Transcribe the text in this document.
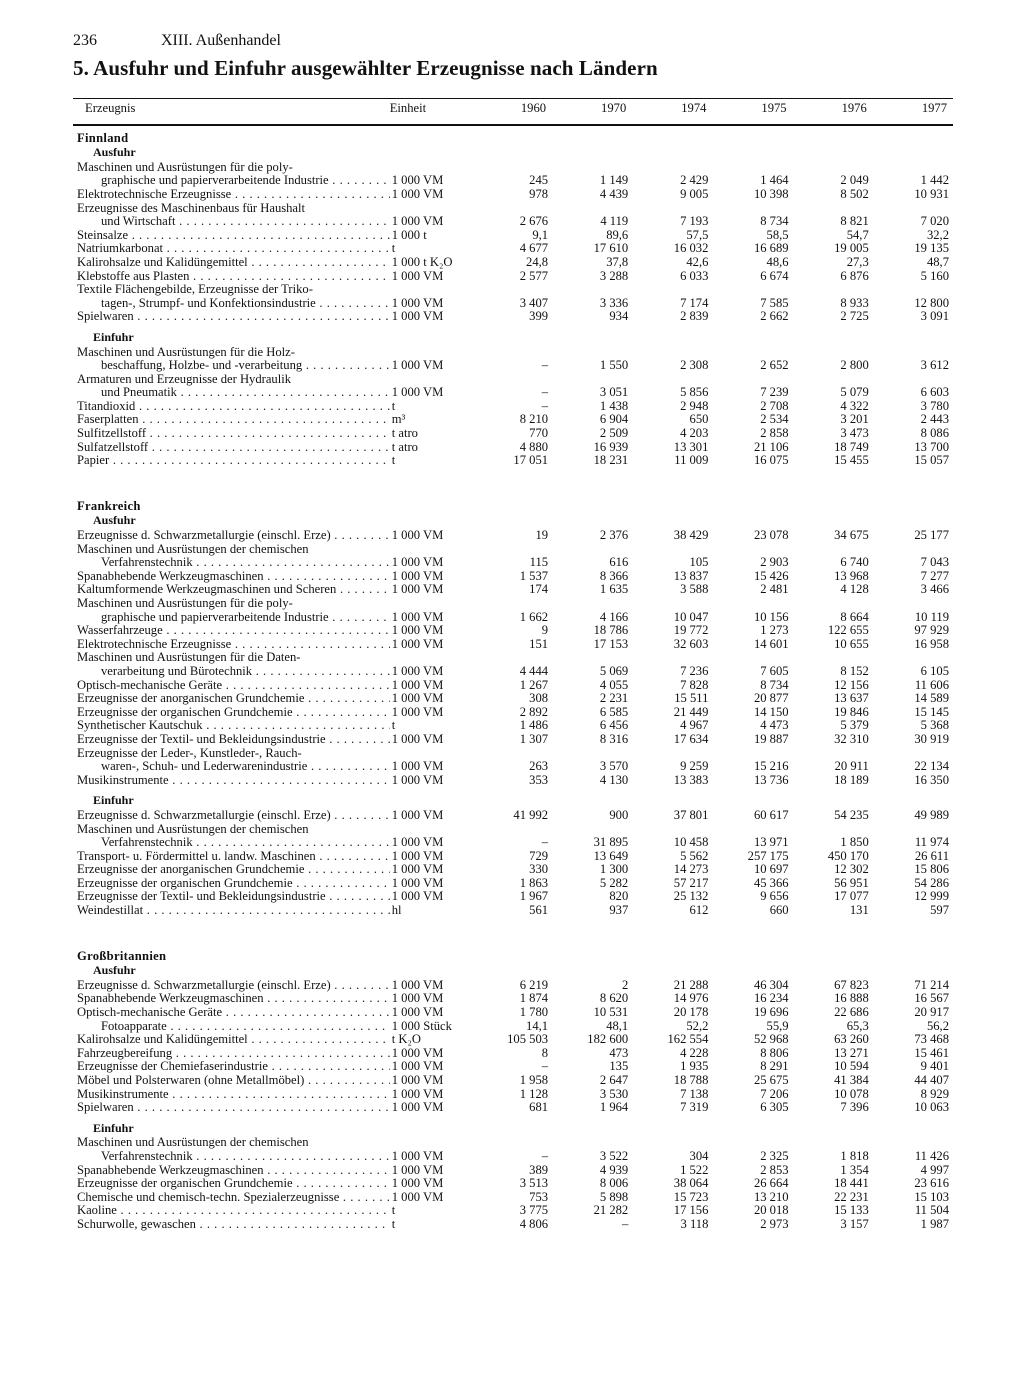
236	XIII. Außenhandel
5. Ausfuhr und Einfuhr ausgewählter Erzeugnisse nach Ländern
Erzeugnis	Einheit	1960	1970	1974	1975	1976	1977
Finnland							
Ausfuhr							
Maschinen und Ausrüstungen für die poly-							
graphische und papierverarbeitende Industrie . . .	1 000 VM	245	1 149	2 429	1 464	2 049	1 442
Elektrotechnische Erzeugnisse . . .	1 000 VM	978	4 439	9 005	10 398	8 502	10 931
Erzeugnisse des Maschinenbaus für Haushalt							
und Wirtschaft . . .	1 000 VM	2 676	4 119	7 193	8 734	8 821	7 020
Steinsalze . . .	1 000 t	9,1	89,6	57,5	58,5	54,7	32,2
Natriumkarbonat . . .	t	4 677	17 610	16 032	16 689	19 005	19 135
Kalirohsalze und Kalidüngemittel . . .	1 000 t K₂O	24,8	37,8	42,6	48,6	27,3	48,7
Klebstoffe aus Plasten . . .	1 000 VM	2 577	3 288	6 033	6 674	6 876	5 160
Textile Flächengebilde, Erzeugnisse der Triko-							
tagen-, Strumpf- und Konfektionsindustrie . . .	1 000 VM	3 407	3 336	7 174	7 585	8 933	12 800
Spielwaren . . .	1 000 VM	399	934	2 839	2 662	2 725	3 091

Einfuhr							
Maschinen und Ausrüstungen für die Holz-							
beschaffung, Holzbe- und -verarbeitung . . .	1 000 VM	–	1 550	2 308	2 652	2 800	3 612
Armaturen und Erzeugnisse der Hydraulik							
und Pneumatik . . .	1 000 VM	–	3 051	5 856	7 239	5 079	6 603
Titandioxid . . .	t	–	1 438	2 948	2 708	4 322	3 780
Faserplatten . . .	m³	8 210	6 904	650	2 534	3 201	2 443
Sulfitzellstoff . . .	t atro	770	2 509	4 203	2 858	3 473	8 086
Sulfatzellstoff . . .	t atro	4 880	16 939	13 301	21 106	18 749	13 700
Papier . . .	t	17 051	18 231	11 009	16 075	15 455	15 057

Frankreich							
Ausfuhr							
Erzeugnisse d. Schwarzmetallurgie (einschl. Erze) . . .	1 000 VM	19	2 376	38 429	23 078	34 675	25 177
Maschinen und Ausrüstungen der chemischen							
Verfahrenstechnik . . .	1 000 VM	115	616	105	2 903	6 740	7 043
Spanabhebende Werkzeugmaschinen . . .	1 000 VM	1 537	8 366	13 837	15 426	13 968	7 277
Kaltumformende Werkzeugmaschinen und Scheren . . .	1 000 VM	174	1 635	3 588	2 481	4 128	3 466
Maschinen und Ausrüstungen für die poly-							
graphische und papierverarbeitende Industrie . . .	1 000 VM	1 662	4 166	10 047	10 156	8 664	10 119
Wasserfahrzeuge . . .	1 000 VM	9	18 786	19 772	1 273	122 655	97 929
Elektrotechnische Erzeugnisse . . .	1 000 VM	151	17 153	32 603	14 601	10 655	16 958
Maschinen und Ausrüstungen für die Daten-							
verarbeitung und Bürotechnik . . .	1 000 VM	4 444	5 069	7 236	7 605	8 152	6 105
Optisch-mechanische Geräte . . .	1 000 VM	1 267	4 055	7 828	8 734	12 156	11 606
Erzeugnisse der anorganischen Grundchemie . . .	1 000 VM	308	2 231	15 511	20 877	13 637	14 589
Erzeugnisse der organischen Grundchemie . . .	1 000 VM	2 892	6 585	21 449	14 150	19 846	15 145
Synthetischer Kautschuk . . .	t	1 486	6 456	4 967	4 473	5 379	5 368
Erzeugnisse der Textil- und Bekleidungsindustrie . . .	1 000 VM	1 307	8 316	17 634	19 887	32 310	30 919
Erzeugnisse der Leder-, Kunstleder-, Rauch-							
waren-, Schuh- und Lederwarenindustrie . . .	1 000 VM	263	3 570	9 259	15 216	20 911	22 134
Musikinstrumente . . .	1 000 VM	353	4 130	13 383	13 736	18 189	16 350

Einfuhr							
Erzeugnisse d. Schwarzmetallurgie (einschl. Erze) . . .	1 000 VM	41 992	900	37 801	60 617	54 235	49 989
Maschinen und Ausrüstungen der chemischen							
Verfahrenstechnik . . .	1 000 VM	–	31 895	10 458	13 971	1 850	11 974
Transport- u. Fördermittel u. landw. Maschinen . . .	1 000 VM	729	13 649	5 562	257 175	450 170	26 611
Erzeugnisse der anorganischen Grundchemie . . .	1 000 VM	330	1 300	14 273	10 697	12 302	15 806
Erzeugnisse der organischen Grundchemie . . .	1 000 VM	1 863	5 282	57 217	45 366	56 951	54 286
Erzeugnisse der Textil- und Bekleidungsindustrie . . .	1 000 VM	1 967	820	25 132	9 656	17 077	12 999
Weindestillat . . .	hl	561	937	612	660	131	597

Großbritannien							
Ausfuhr							
Erzeugnisse d. Schwarzmetallurgie (einschl. Erze) . . .	1 000 VM	6 219	2	21 288	46 304	67 823	71 214
Spanabhebende Werkzeugmaschinen . . .	1 000 VM	1 874	8 620	14 976	16 234	16 888	16 567
Optisch-mechanische Geräte . . .	1 000 VM	1 780	10 531	20 178	19 696	22 686	20 917
Fotoapparate . . .	1 000 Stück	14,1	48,1	52,2	55,9	65,3	56,2
Kalirohsalze und Kalidüngemittel . . .	t K₂O	105 503	182 600	162 554	52 968	63 260	73 468
Fahrzeugbereifung . . .	1 000 VM	8	473	4 228	8 806	13 271	15 461
Erzeugnisse der Chemiefaserindustrie . . .	1 000 VM	–	135	1 935	8 291	10 594	9 401
Möbel und Polsterwaren (ohne Metallmöbel) . . .	1 000 VM	1 958	2 647	18 788	25 675	41 384	44 407
Musikinstrumente . . .	1 000 VM	1 128	3 530	7 138	7 206	10 078	8 929
Spielwaren . . .	1 000 VM	681	1 964	7 319	6 305	7 396	10 063

Einfuhr							
Maschinen und Ausrüstungen der chemischen							
Verfahrenstechnik . . .	1 000 VM	–	3 522	304	2 325	1 818	11 426
Spanabhebende Werkzeugmaschinen . . .	1 000 VM	389	4 939	1 522	2 853	1 354	4 997
Erzeugnisse der organischen Grundchemie . . .	1 000 VM	3 513	8 006	38 064	26 664	18 441	23 616
Chemische und chemisch-techn. Spezialerzeugnisse . . .	1 000 VM	753	5 898	15 723	13 210	22 231	15 103
Kaoline . . .	t	3 775	21 282	17 156	20 018	15 133	11 504
Schurwolle, gewaschen . . .	t	4 806	–	3 118	2 973	3 157	1 987
